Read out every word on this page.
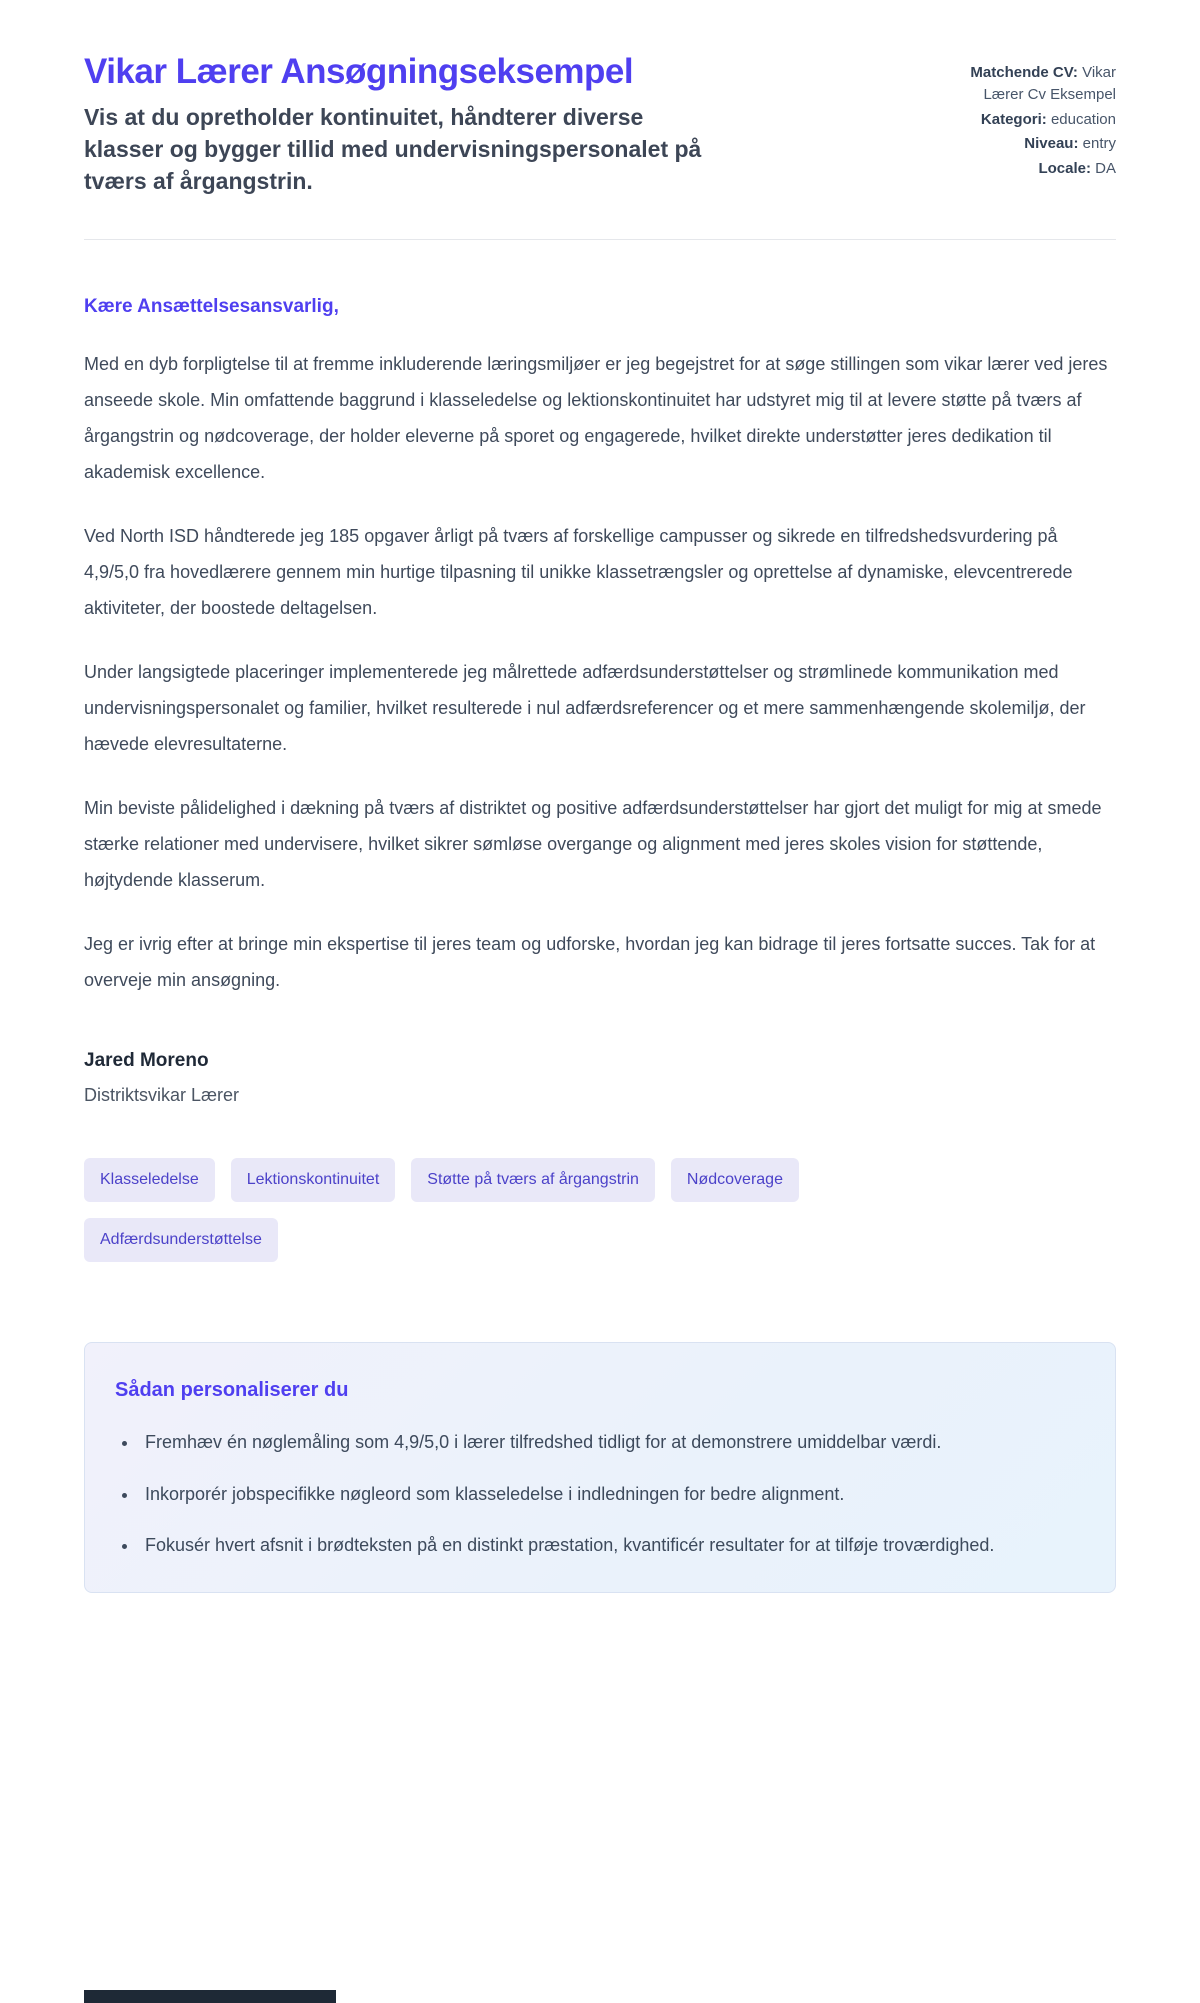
Vikar Lærer Ansøgningseksempel

Vis at du opretholder kontinuitet, håndterer diverse klasser og bygger tillid med undervisningspersonalet på tværs af årgangstrin.

Matchende CV: Vikar Lærer Cv Eksempel
Kategori: education
Niveau: entry
Locale: DA
Kære Ansættelsesansvarlig,

Med en dyb forpligtelse til at fremme inkluderende læringsmiljøer er jeg begejstret for at søge stillingen som vikar lærer ved jeres anseede skole. Min omfattende baggrund i klasseledelse og lektionskontinuitet har udstyret mig til at levere støtte på tværs af årgangstrin og nødcoverage, der holder eleverne på sporet og engagerede, hvilket direkte understøtter jeres dedikation til akademisk excellence.

Ved North ISD håndterede jeg 185 opgaver årligt på tværs af forskellige campusser og sikrede en tilfredshedsvurdering på 4,9/5,0 fra hovedlærere gennem min hurtige tilpasning til unikke klassetrængsler og oprettelse af dynamiske, elevcentrerede aktiviteter, der boostede deltagelsen.

Under langsigtede placeringer implementerede jeg målrettede adfærdsunderstøttelser og strømlinede kommunikation med undervisningspersonalet og familier, hvilket resulterede i nul adfærdsreferencer og et mere sammenhængende skolemiljø, der hævede elevresultaterne.

Min beviste pålidelighed i dækning på tværs af distriktet og positive adfærdsunderstøttelser har gjort det muligt for mig at smede stærke relationer med undervisere, hvilket sikrer sømløse overgange og alignment med jeres skoles vision for støttende, højtydende klasserum.

Jeg er ivrig efter at bringe min ekspertise til jeres team og udforske, hvordan jeg kan bidrage til jeres fortsatte succes. Tak for at overveje min ansøgning.

Jared Moreno
Distriktsvikar Lærer
Klasseledelse	Lektionskontinuitet	Støtte på tværs af årgangstrin	Nødcoverage
Adfærdsunderstøttelse
Sådan personaliserer du
• Fremhæv én nøglemåling som 4,9/5,0 i lærer tilfredshed tidligt for at demonstrere umiddelbar værdi.
• Inkorporér jobspecifikke nøgleord som klasseledelse i indledningen for bedre alignment.
• Fokusér hvert afsnit i brødteksten på en distinkt præstation, kvantificér resultater for at tilføje troværdighed.
